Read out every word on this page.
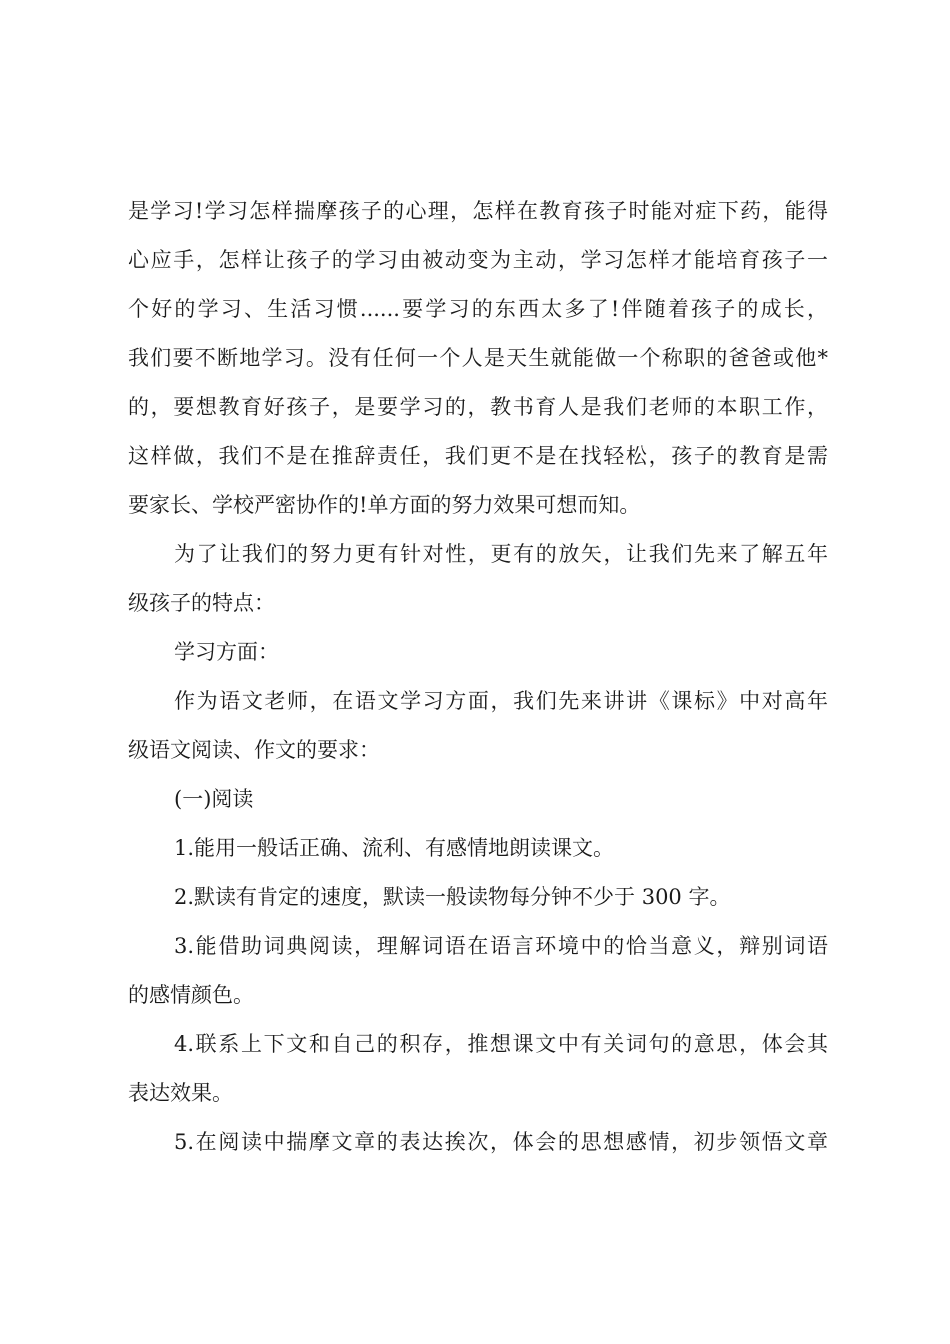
是学习!学习怎样揣摩孩子的心理，怎样在教育孩子时能对症下药，能得
心应手，怎样让孩子的学习由被动变为主动，学习怎样才能培育孩子一
个好的学习、生活习惯......要学习的东西太多了!伴随着孩子的成长，
我们要不断地学习。没有任何一个人是天生就能做一个称职的爸爸或他*
的，要想教育好孩子，是要学习的，教书育人是我们老师的本职工作，
这样做，我们不是在推辞责任，我们更不是在找轻松，孩子的教育是需
要家长、学校严密协作的!单方面的努力效果可想而知。
为了让我们的努力更有针对性，更有的放矢，让我们先来了解五年
级孩子的特点：
学习方面：
作为语文老师，在语文学习方面，我们先来讲讲《课标》中对高年
级语文阅读、作文的要求：
(一)阅读
1.能用一般话正确、流利、有感情地朗读课文。
2.默读有肯定的速度，默读一般读物每分钟不少于 300 字。
3.能借助词典阅读，理解词语在语言环境中的恰当意义，辩别词语
的感情颜色。
4.联系上下文和自己的积存，推想课文中有关词句的意思，体会其
表达效果。
5.在阅读中揣摩文章的表达挨次，体会的思想感情，初步领悟文章
